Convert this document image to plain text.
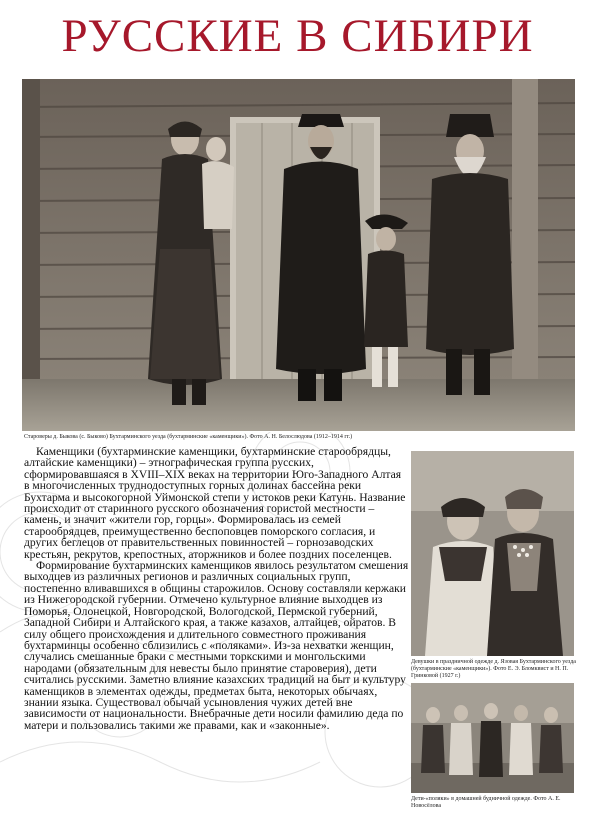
РУССКИЕ В СИБИРИ
Староверы д. Быкова (с. Быково) Бухтарминского уезда (бухтарминские «каменщики»). Фото А. Н. Белослюдова (1912–1914 гг.)

Каменщики (бухтарминские каменщики, бухтарминские старообрядцы, алтайские каменщики) – этнографическая группа русских, сформировавшаяся в XVIII–XIX веках на территории Юго-Западного Алтая в многочисленных труднодоступных горных долинах бассейна реки Бухтарма и высокогорной Уймонской степи у истоков реки Катунь. Название происходит от старинного русского обозначения гористой местности – камень, и значит «жители гор, горцы». Формировалась из семей старообрядцев, преимущественно беспоповцев поморского согласия, и других беглецов от правительственных повинностей – горнозаводских крестьян, рекрутов, крепостных, аторжников и более поздних поселенцев.

Формирование бухтарминских каменщиков явилось результатом смешения выходцев из различных регионов и различных социальных групп, постепенно вливавшихся в общины старожилов. Основу составляли кержаки из Нижегородской губернии. Отмечено культурное влияние выходцев из Поморья, Олонецкой, Новгородской, Вологодской, Пермской губерний, Западной Сибири и Алтайского края, а также казахов, алтайцев, ойратов. В силу общего происхождения и длительного совместного проживания бухтарминцы особенно сблизились с «поляками». Из-за нехватки женщин, случались смешанные браки с местными торкскими и монгольскими народами (обязательным для невесты было принятие староверия), дети считались русскими. Заметно влияние казахских традиций на быт и культуру каменщиков в элементах одежды, предметах быта, некоторых обычаях, знании языка. Существовал обычай усыновления чужих детей вне зависимости от национальности. Внебрачные дети носили фамилию деда по матери и пользовались такими же правами, как и «законные».

Девушки в праздничной одежде д. Язовая Бухтарминского уезда (бухтарминские «каменщики»). Фото Е. Э. Бломквист и Н. П. Гринковой (1927 г.)
Дети-«поляки» в домашней будничной одежде. Фото А. Е. Новосёлова
